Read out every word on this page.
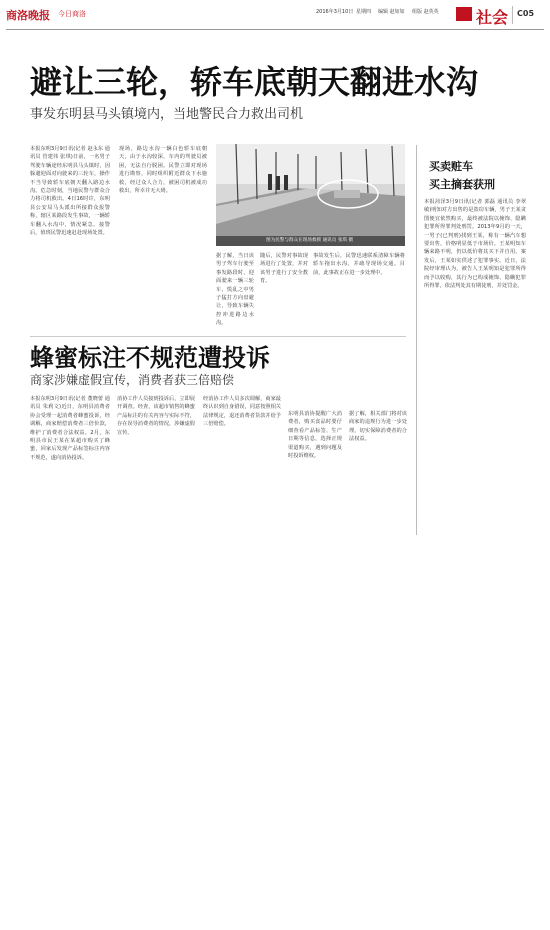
商洛晚报 今日商洛	2016年3月10日 星期四 编辑 赵如如 组版 赵英英 社会 C05
避让三轮，轿车底朝天翻进水沟
事发东明县马头镇境内，当地警民合力救出司机
本报东明3月9日讯(记者 赵永东 通讯员 管建伟 张琪)日前，一名男子驾驶车辆途经东明县马头镇时，因躲避迎面对向驶来的三轮车，操作不当导致轿车底朝天翻入路边水沟。危急时刻，当地民警与群众合力将司机救出。4日16时许，东明县公安局马头派出所接群众报警称，辖区某路段发生事故，一辆轿车翻入水沟中，情况紧急。接警后，值班民警迅速赶赴现场处置。
现场，路边水沟一辆白色轿车底朝天，由于水沟较深，车内的驾驶员被困，无法自行脱困。民警立即对现场进行勘察，同时组织附近群众下水施救，经过众人合力，被困司机被成功救出，所幸并无大碍。
图为民警与群众在现场救援 通讯员 张琪 摄
据了解，当日该男子驾车行驶至事发路段时，迎面驶来一辆三轮车，慌乱之中男子猛打方向盘避让，导致车辆失控冲进路边水沟。
随后，民警对事故现场进行了处置，并对该男子进行了安全教育。
事故发生后，民警迅速联系清障车辆将轿车拖出水沟，并疏导现场交通。目前，此事故正在进一步处理中。
买卖赃车
买主摘套获刑
本报菏泽3月9日讯(记者 郭磊 通讯员 李翠敏)明知对方出售的是盗窃车辆，男子王某贪图便宜依然购买，最终被法院以掩饰、隐瞒犯罪所得罪判处刑罚。2013年9月的一天，一男子(已判刑)找到王某，称有一辆汽车想要出售，价格明显低于市场价。王某明知车辆来路不明，仍以低价将其买下并自用。案发后，王某如实供述了犯罪事实。近日，法院经审理认为，被告人王某明知是犯罪所得而予以收购，其行为已构成掩饰、隐瞒犯罪所得罪，依法判处其有期徒刑，并处罚金。
蜂蜜标注不规范遭投诉
商家涉嫌虚假宣传，消费者获三倍赔偿
本报东明3月9日讯(记者 董晓蕾 通讯员 朱莉文)近日，东明县消费者协会受理一起消费者蜂蜜投诉，经调解，商家赔偿消费者三倍价款，维护了消费者合法权益。2月，东明县市民王某在某超市购买了蜂蜜，回家后发现产品标签标注内容不规范，遂向消协投诉。
消协工作人员接到投诉后，立即展开调查。经查，该超市销售的蜂蜜产品标注的有关内容与实际不符，存在误导消费者的情况，涉嫌虚假宣传。
经消协工作人员多次调解，商家最终认识到自身错误，同意按照相关法律规定，退还消费者货款并给予三倍赔偿。
东明县消协提醒广大消费者，购买食品时要仔细查看产品标签、生产日期等信息，选择正规渠道购买，遇到问题及时投诉维权。
据了解，相关部门将对该商家的违规行为进一步处理，切实保障消费者的合法权益。
